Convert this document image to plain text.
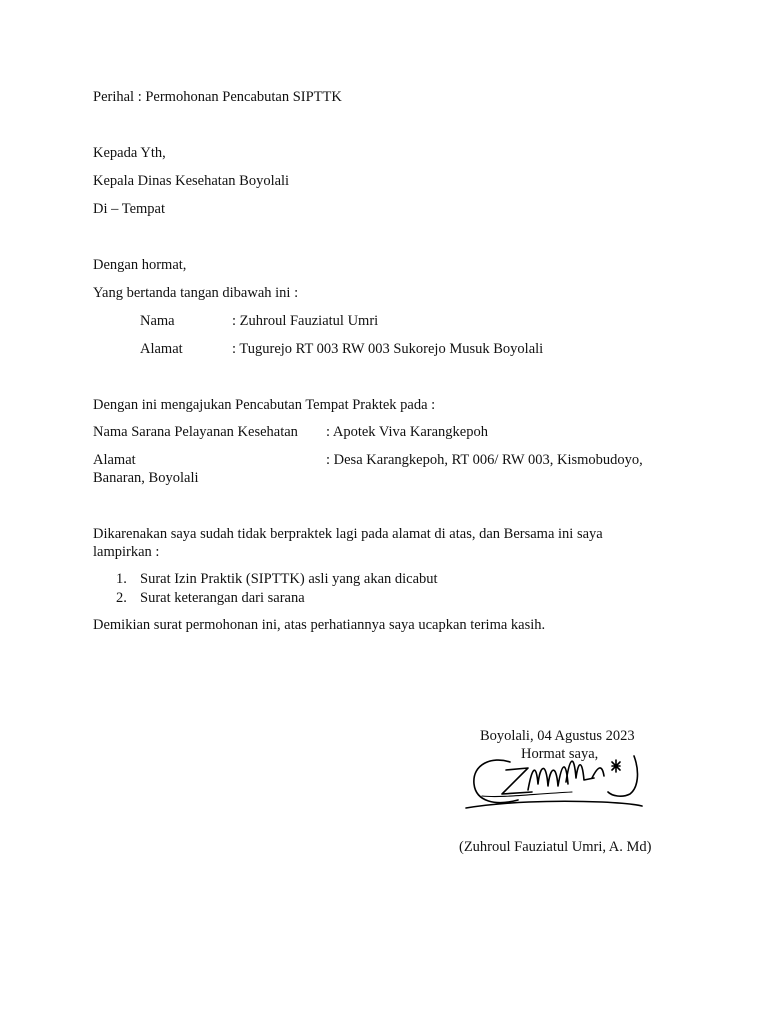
Perihal : Permohonan Pencabutan SIPTTK
Kepada Yth,
Kepala Dinas Kesehatan Boyolali
Di – Tempat
Dengan hormat,
Yang bertanda tangan dibawah ini :
Nama	: Zuhroul Fauziatul Umri
Alamat	: Tugurejo RT 003 RW 003 Sukorejo Musuk Boyolali
Dengan ini mengajukan Pencabutan Tempat Praktek pada :
Nama Sarana Pelayanan Kesehatan : Apotek Viva Karangkepoh
Alamat	: Desa Karangkepoh, RT 006/ RW 003, Kismobudoyo,
Banaran, Boyolali
Dikarenakan saya sudah tidak berpraktek lagi pada alamat di atas, dan Bersama ini saya
lampirkan :
1. Surat Izin Praktik (SIPTTK) asli yang akan dicabut
2. Surat keterangan dari sarana
Demikian surat permohonan ini, atas perhatiannya saya ucapkan terima kasih.
Boyolali, 04 Agustus 2023
Hormat saya,
(Zuhroul Fauziatul Umri, A. Md)
